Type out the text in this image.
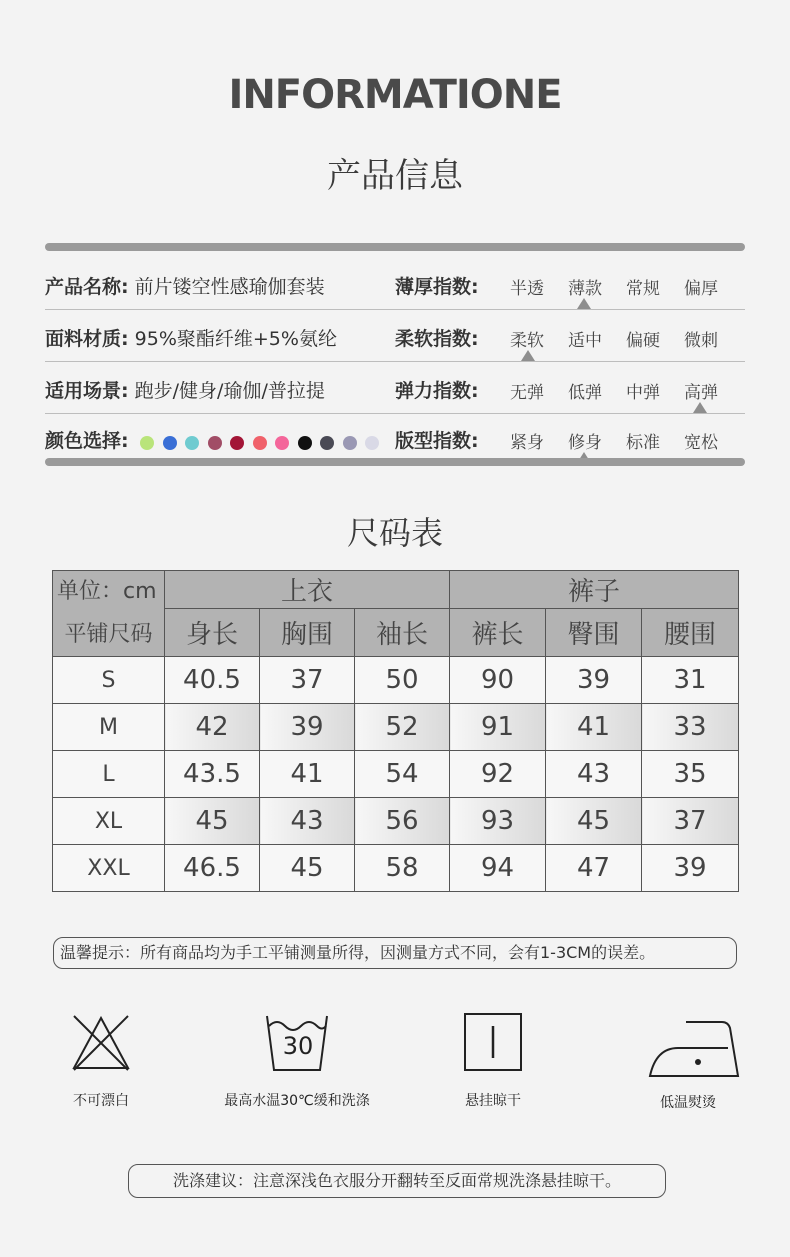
INFORMATIONE
产品信息
产品名称: 前片镂空性感瑜伽套装	薄厚指数: 半透 薄款 常规 偏厚
面料材质: 95%聚酯纤维+5%氨纶	柔软指数: 柔软 适中 偏硬 微刺
适用场景: 跑步/健身/瑜伽/普拉提	弹力指数: 无弹 低弹 中弹 高弹
颜色选择:	版型指数: 紧身 修身 标准 宽松
尺码表
单位：cm	上衣			裤子		
平铺尺码	身长	胸围	袖长	裤长	臀围	腰围
S	40.5	37	50	90	39	31
M	42	39	52	91	41	33
L	43.5	41	54	92	43	35
XL	45	43	56	93	45	37
XXL	46.5	45	58	94	47	39
温馨提示：所有商品均为手工平铺测量所得，因测量方式不同，会有1-3CM的误差。
不可漂白
30
最高水温30℃缓和洗涤	悬挂晾干	低温熨烫
洗涤建议：注意深浅色衣服分开翻转至反面常规洗涤悬挂晾干。
